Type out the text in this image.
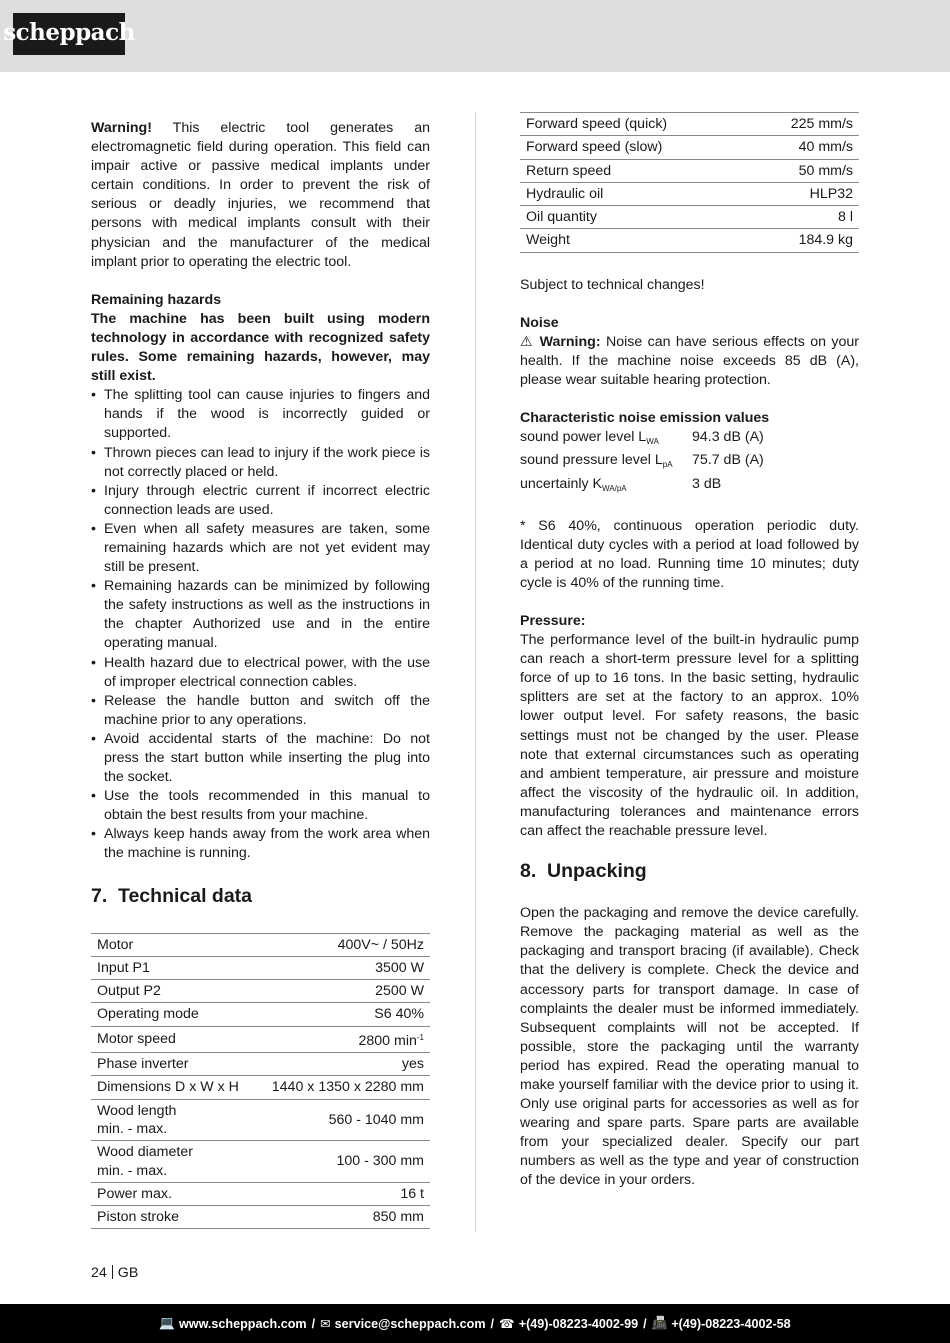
scheppach

Warning! This electric tool generates an electromagnetic field during operation. This field can impair active or passive medical implants under certain conditions. In order to prevent the risk of serious or deadly injuries, we recommend that persons with medical implants consult with their physician and the manufacturer of the medical implant prior to operating the electric tool.

Remaining hazards

The machine has been built using modern technology in accordance with recognized safety rules. Some remaining hazards, however, may still exist.

• The splitting tool can cause injuries to fingers and hands if the wood is incorrectly guided or supported.
• Thrown pieces can lead to injury if the work piece is not correctly placed or held.
• Injury through electric current if incorrect electric connection leads are used.
• Even when all safety measures are taken, some remaining hazards which are not yet evident may still be present.
• Remaining hazards can be minimized by following the safety instructions as well as the instructions in the chapter Authorized use and in the entire operating manual.
• Health hazard due to electrical power, with the use of improper electrical connection cables.
• Release the handle button and switch off the machine prior to any operations.
• Avoid accidental starts of the machine: Do not press the start button while inserting the plug into the socket.
• Use the tools recommended in this manual to obtain the best results from your machine.
• Always keep hands away from the work area when the machine is running.
7. Technical data
Motor	400V~ / 50Hz
Input P1	3500 W
Output P2	2500 W
Operating mode	S6 40%
Motor speed	2800 $\min^{-1}$
Phase inverter	yes
Dimensions D x W x H	1440 x 1350 x 2280 mm
Wood length
min. - max.	560 - 1040 mm
Wood diameter
min. - max.	100 - 300 mm
Power max.	16 t
Piston stroke	850 mm
Forward speed (quick)	225 mm/s
Forward speed (slow)	40 mm/s
Return speed	50 mm/s
Hydraulic oil	HLP32
Oil quantity	8 l
Weight	184.9 kg

Subject to technical changes!

Noise

⚠ Warning: Noise can have serious effects on your health. If the machine noise exceeds 85 dB (A), please wear suitable hearing protection.

Characteristic noise emission values

sound power level $L_{WA}$	94.3 dB (A)
sound pressure level $L_{pA}$	75.7 dB (A)
uncertainly $K_{WA/pA}$	3 dB

* S6 40%, continuous operation periodic duty. Identical duty cycles with a period at load followed by a period at no load. Running time 10 minutes; duty cycle is 40% of the running time.

Pressure:

The performance level of the built-in hydraulic pump can reach a short-term pressure level for a splitting force of up to 16 tons. In the basic setting, hydraulic splitters are set at the factory to an approx. 10% lower output level. For safety reasons, the basic settings must not be changed by the user. Please note that external circumstances such as operating and ambient temperature, air pressure and moisture affect the viscosity of the hydraulic oil. In addition, manufacturing tolerances and maintenance errors can affect the reachable pressure level.

8. Unpacking

Open the packaging and remove the device carefully. Remove the packaging material as well as the packaging and transport bracing (if available). Check that the delivery is complete. Check the device and accessory parts for transport damage. In case of complaints the dealer must be informed immediately. Subsequent complaints will not be accepted. If possible, store the packaging until the warranty period has expired. Read the operating manual to make yourself familiar with the device prior to using it. Only use original parts for accessories as well as for wearing and spare parts. Spare parts are available from your specialized dealer. Specify our part numbers as well as the type and year of construction of the device in your orders.

24 GB
💻 www.scheppach.com / ✉ service@scheppach.com / ☎ +(49)-08223-4002-99 / 📠 +(49)-08223-4002-58
